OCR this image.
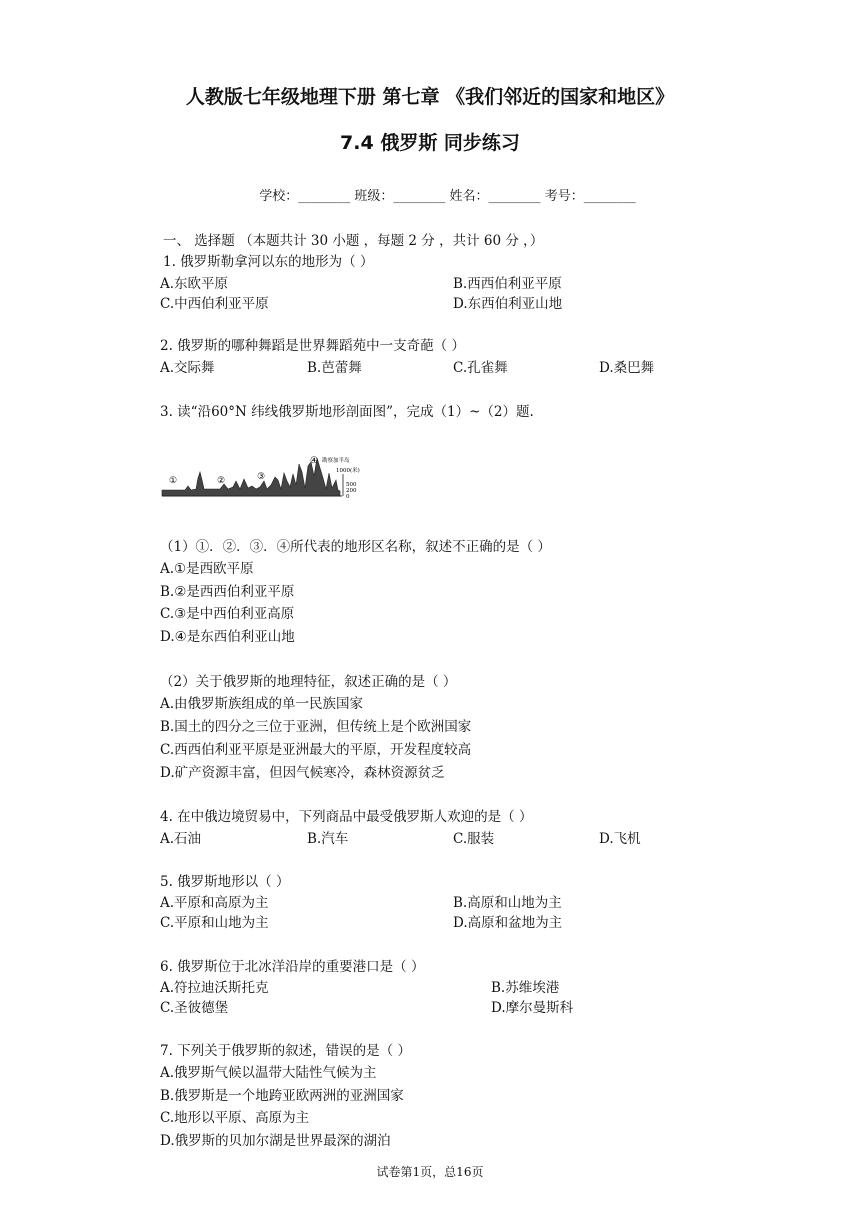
人教版七年级地理下册 第七章 《我们邻近的国家和地区》
7.4 俄罗斯 同步练习
学校：________ 班级：________ 姓名：________ 考号：________
一、 选择题 （本题共计 30 小题 ，每题 2 分 ，共计 60 分 ，）
1. 俄罗斯勒拿河以东的地形为（ ）
A.东欧平原	B.西西伯利亚平原
C.中西伯利亚平原	D.东西伯利亚山地
2. 俄罗斯的哪种舞蹈是世界舞蹈苑中一支奇葩（ ）
A.交际舞	B.芭蕾舞	C.孔雀舞	D.桑巴舞
3. 读“沿60°N 纬线俄罗斯地形剖面图”，完成（1）~（2）题.
①	②	③
④ 勘察加半岛
1000(米)
500
200
0
（1）①．②．③．④所代表的地形区名称，叙述不正确的是（ ）
A.①是西欧平原
B.②是西西伯利亚平原
C.③是中西伯利亚高原
D.④是东西伯利亚山地
（2）关于俄罗斯的地理特征，叙述正确的是（ ）
A.由俄罗斯族组成的单一民族国家
B.国土的四分之三位于亚洲，但传统上是个欧洲国家
C.西西伯利亚平原是亚洲最大的平原，开发程度较高
D.矿产资源丰富，但因气候寒冷，森林资源贫乏
4. 在中俄边境贸易中，下列商品中最受俄罗斯人欢迎的是（ ）
A.石油	B.汽车	C.服装	D.飞机
5. 俄罗斯地形以（ ）
A.平原和高原为主	B.高原和山地为主
C.平原和山地为主	D.高原和盆地为主
6. 俄罗斯位于北冰洋沿岸的重要港口是（ ）
A.符拉迪沃斯托克	B.苏维埃港
C.圣彼德堡	D.摩尔曼斯科
7. 下列关于俄罗斯的叙述，错误的是（ ）
A.俄罗斯气候以温带大陆性气候为主
B.俄罗斯是一个地跨亚欧两洲的亚洲国家
C.地形以平原、高原为主
D.俄罗斯的贝加尔湖是世界最深的湖泊
试卷第1页，总16页
